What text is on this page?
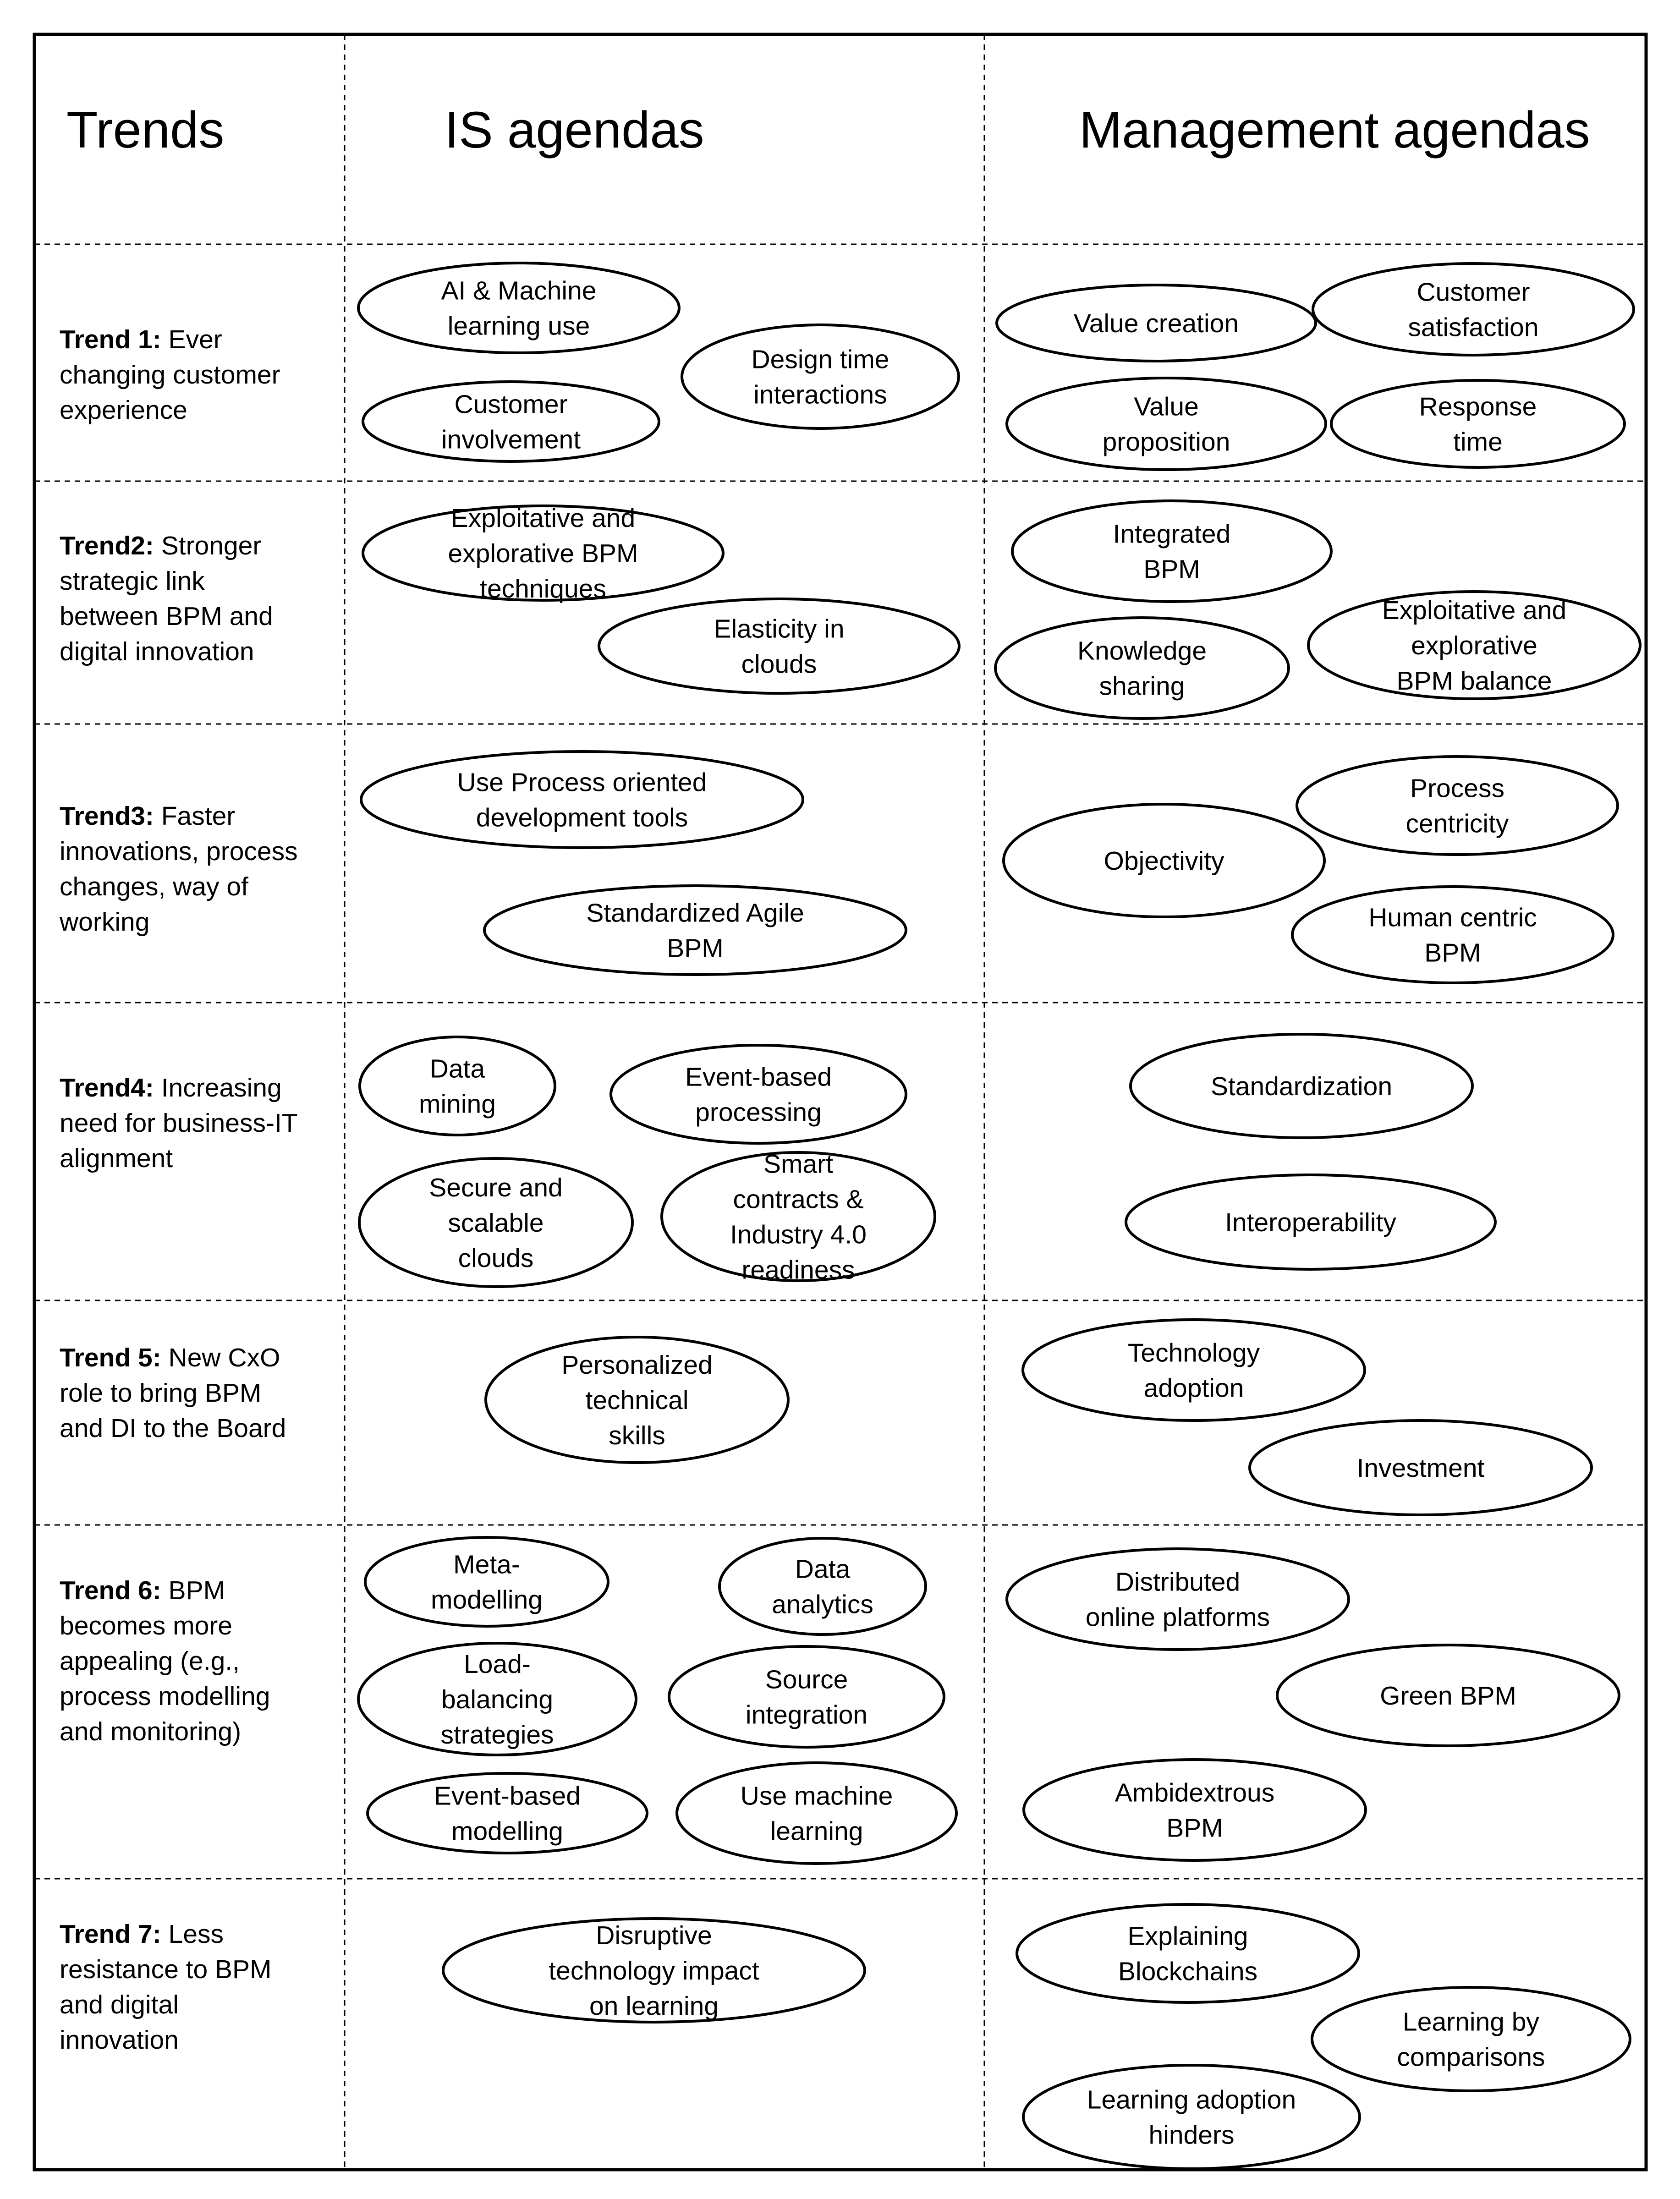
Trends	IS agendas	Management agendas
Trend 1: Ever
changing customer
experience
Trend2: Stronger
strategic link
between BPM and
digital innovation
Trend3: Faster
innovations, process
changes, way of
working
Trend4: Increasing
need for business-IT
alignment
Trend 5: New CxO
role to bring BPM
and DI to the Board
Trend 6: BPM
becomes more
appealing (e.g.,
process modelling
and monitoring)
Trend 7: Less
resistance to BPM
and digital
innovation
AI & Machine learning use
Design time interactions
Customer involvement
Exploitative and explorative BPM techniques
Elasticity in clouds
Use Process oriented development tools
Standardized Agile BPM
Data mining
Event-based processing
Secure and scalable clouds
Smart contracts & Industry 4.0 readiness
Personalized technical skills
Meta-modelling
Data analytics
Load-balancing strategies
Source integration
Event-based modelling
Use machine learning
Disruptive technology impact on learning
Value creation
Customer satisfaction
Value proposition
Response time
Integrated BPM
Exploitative and explorative BPM balance
Knowledge sharing
Process centricity
Objectivity
Human centric BPM
Standardization
Interoperability
Technology adoption
Investment
Distributed online platforms
Green BPM
Ambidextrous BPM
Explaining Blockchains
Learning by comparisons
Learning adoption hinders
